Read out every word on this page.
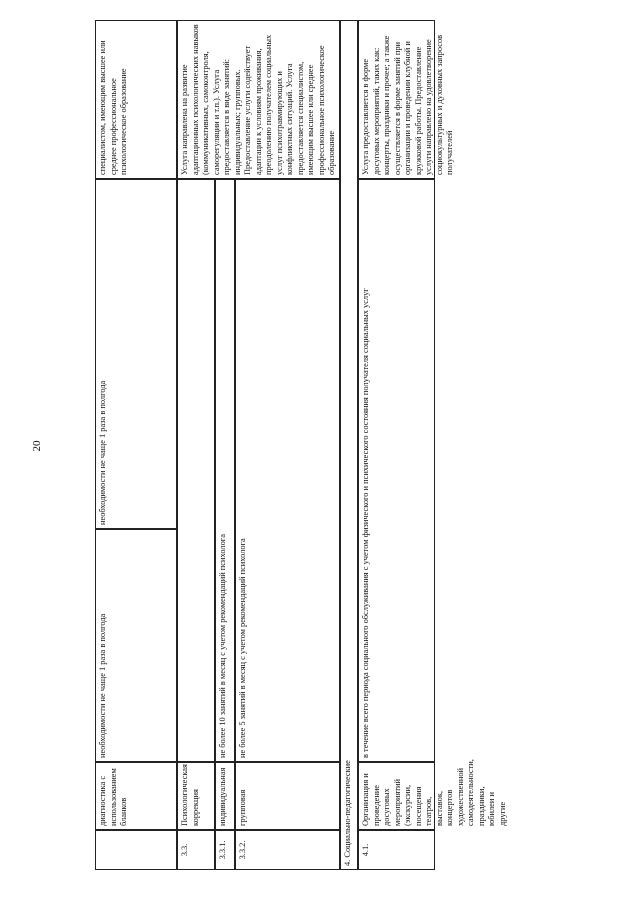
20
диагностика с использованием бланков
необходимости не чаще 1 раза в полгода
необходимости не чаще 1 раза в полгода
специалистом, имеющим высшее или среднее профессиональное психологическое образование
3.3.
Психологическая коррекция
Услуга направлена на развитие адаптационных психологических навыков (коммуникативных, самоконтроля, саморегуляции и т.п.). Услуга предоставляется в виде занятий: индивидуальных; групповых. Предоставление услуги содействует адаптации к условиям проживания, преодолению получателем социальных услуг психотравмирующих и конфликтных ситуаций. Услуга предоставляется специалистом, имеющим высшее или среднее профессиональное психологическое образование
3.3.1.
индивидуальная
не более 10 занятий в месяц с учетом рекомендаций психолога
3.3.2.
групповая
не более 5 занятий в месяц с учетом рекомендаций психолога
4. Социально-педагогические	4.1.
Организация и проведение досуговых мероприятий (экскурсии, посещения театров, выставок, концертов художественной самодеятельности, праздники, юбилеи и другие
в течение всего периода социального обслуживания с учетом физического и психического состояния получателя социальных услуг
Услуга предоставляется в форме досуговых мероприятий, таких как: концерты, праздники и прочее; а также осуществляется в форме занятий при организации и проведении клубной и кружковой работы. Предоставление услуги направлено на удовлетворение социокультурных и духовных запросов получателей
